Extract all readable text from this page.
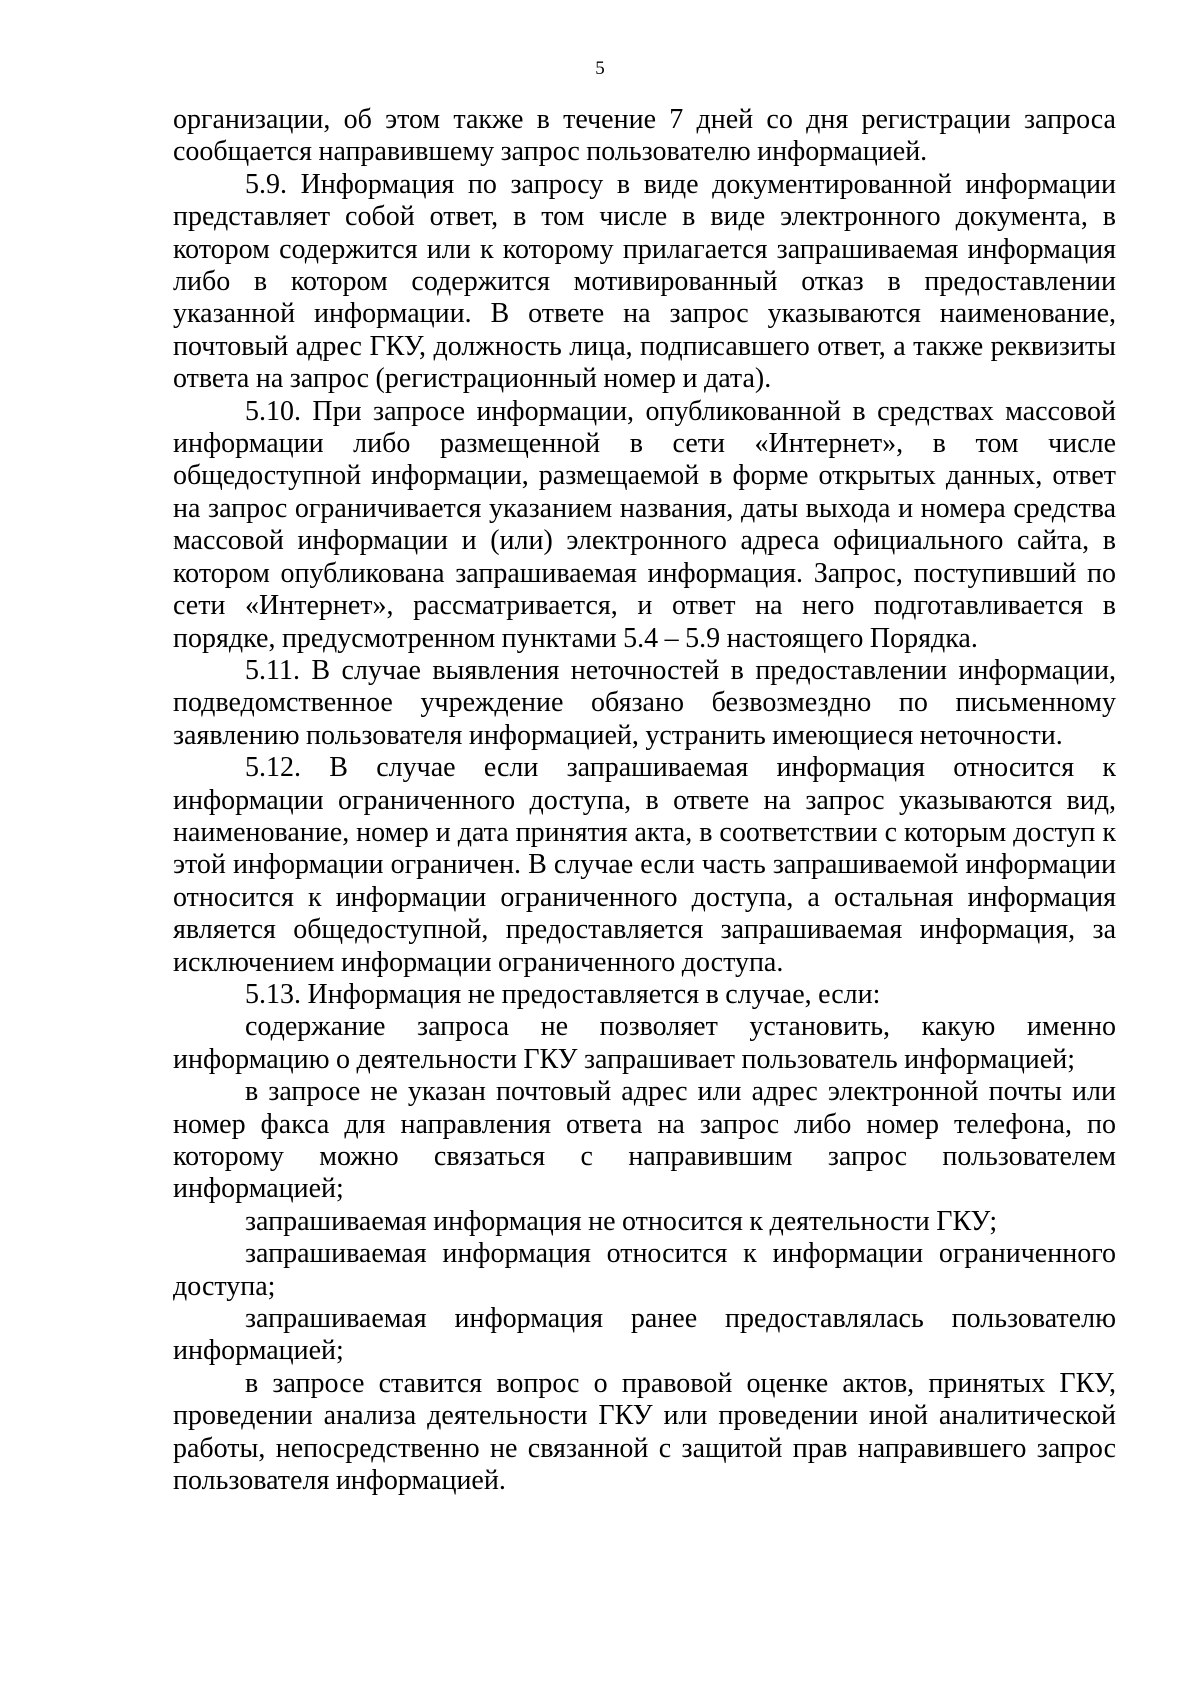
5

организации, об этом также в течение 7 дней со дня регистрации запроса сообщается направившему запрос пользователю информацией.

5.9. Информация по запросу в виде документированной информации представляет собой ответ, в том числе в виде электронного документа, в котором содержится или к которому прилагается запрашиваемая информация либо в котором содержится мотивированный отказ в предоставлении указанной информации. В ответе на запрос указываются наименование, почтовый адрес ГКУ, должность лица, подписавшего ответ, а также реквизиты ответа на запрос (регистрационный номер и дата).

5.10. При запросе информации, опубликованной в средствах массовой информации либо размещенной в сети «Интернет», в том числе общедоступной информации, размещаемой в форме открытых данных, ответ на запрос ограничивается указанием названия, даты выхода и номера средства массовой информации и (или) электронного адреса официального сайта, в котором опубликована запрашиваемая информация. Запрос, поступивший по сети «Интернет», рассматривается, и ответ на него подготавливается в порядке, предусмотренном пунктами 5.4 – 5.9 настоящего Порядка.

5.11. В случае выявления неточностей в предоставлении информации, подведомственное учреждение обязано безвозмездно по письменному заявлению пользователя информацией, устранить имеющиеся неточности.

5.12. В случае если запрашиваемая информация относится к информации ограниченного доступа, в ответе на запрос указываются вид, наименование, номер и дата принятия акта, в соответствии с которым доступ к этой информации ограничен. В случае если часть запрашиваемой информации относится к информации ограниченного доступа, а остальная информация является общедоступной, предоставляется запрашиваемая информация, за исключением информации ограниченного доступа.

5.13. Информация не предоставляется в случае, если:

содержание запроса не позволяет установить, какую именно информацию о деятельности ГКУ запрашивает пользователь информацией;

в запросе не указан почтовый адрес или адрес электронной почты или номер факса для направления ответа на запрос либо номер телефона, по которому можно связаться с направившим запрос пользователем информацией;

запрашиваемая информация не относится к деятельности ГКУ;

запрашиваемая информация относится к информации ограниченного доступа;

запрашиваемая информация ранее предоставлялась пользователю информацией;

в запросе ставится вопрос о правовой оценке актов, принятых ГКУ, проведении анализа деятельности ГКУ или проведении иной аналитической работы, непосредственно не связанной с защитой прав направившего запрос пользователя информацией.
